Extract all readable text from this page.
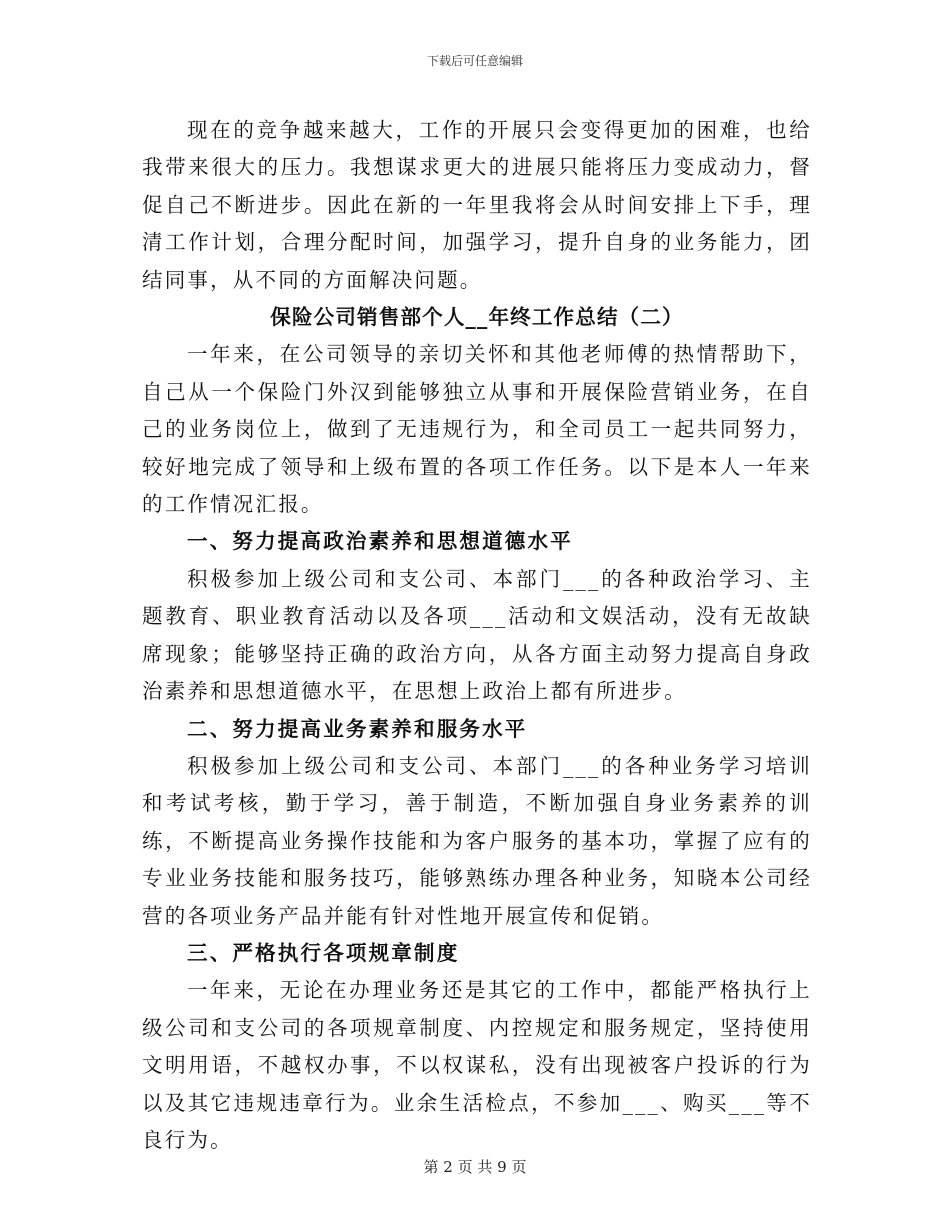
下载后可任意编辑

现在的竞争越来越大，工作的开展只会变得更加的困难，也给我带来很大的压力。我想谋求更大的进展只能将压力变成动力，督促自己不断进步。因此在新的一年里我将会从时间安排上下手，理清工作计划，合理分配时间，加强学习，提升自身的业务能力，团结同事，从不同的方面解决问题。

保险公司销售部个人__年终工作总结（二）

一年来，在公司领导的亲切关怀和其他老师傅的热情帮助下，自己从一个保险门外汉到能够独立从事和开展保险营销业务，在自己的业务岗位上，做到了无违规行为，和全司员工一起共同努力，较好地完成了领导和上级布置的各项工作任务。以下是本人一年来的工作情况汇报。

一、努力提高政治素养和思想道德水平

积极参加上级公司和支公司、本部门___的各种政治学习、主题教育、职业教育活动以及各项___活动和文娱活动，没有无故缺席现象；能够坚持正确的政治方向，从各方面主动努力提高自身政治素养和思想道德水平，在思想上政治上都有所进步。

二、努力提高业务素养和服务水平

积极参加上级公司和支公司、本部门___的各种业务学习培训和考试考核，勤于学习，善于制造，不断加强自身业务素养的训练，不断提高业务操作技能和为客户服务的基本功，掌握了应有的专业业务技能和服务技巧，能够熟练办理各种业务，知晓本公司经营的各项业务产品并能有针对性地开展宣传和促销。

三、严格执行各项规章制度

一年来，无论在办理业务还是其它的工作中，都能严格执行上级公司和支公司的各项规章制度、内控规定和服务规定，坚持使用文明用语，不越权办事，不以权谋私，没有出现被客户投诉的行为以及其它违规违章行为。业余生活检点，不参加___、购买___等不良行为。

第 2 页 共 9 页
